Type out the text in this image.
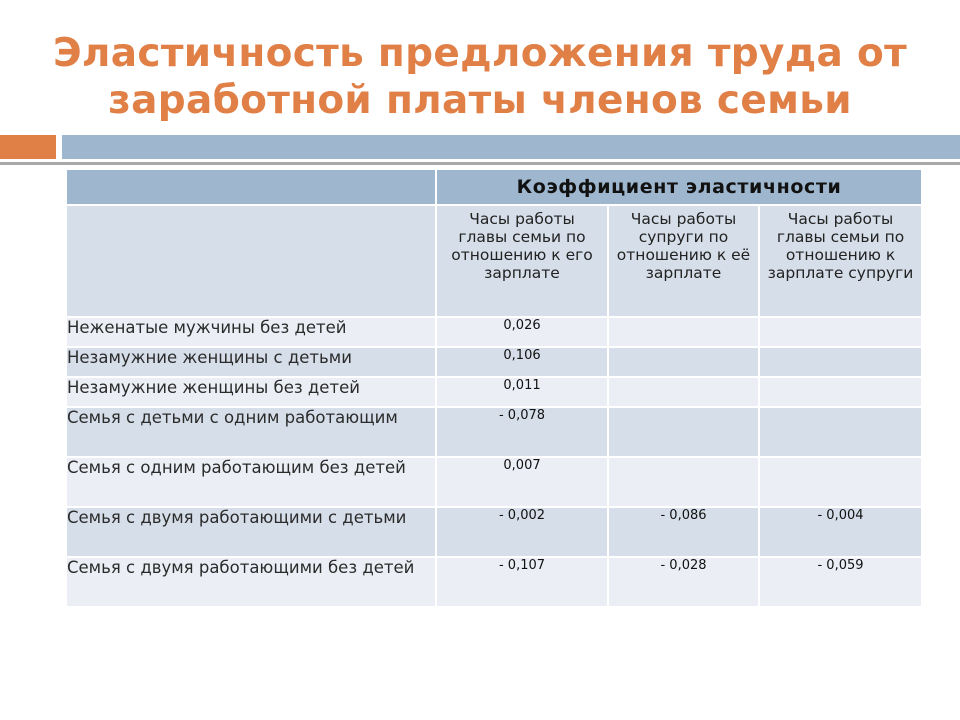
Эластичность предложения труда от
заработной платы членов семьи
	Коэффициент эластичности		
	Часы работы главы семьи по отношению к его зарплате	Часы работы супруги по отношению к её зарплате	Часы работы главы семьи по отношению к зарплате супруги
Неженатые мужчины без детей	0,026		
Незамужние женщины с детьми	0,106		
Незамужние женщины без детей	0,011		
Семья с детьми с одним работающим	- 0,078		
Семья с одним работающим без детей	0,007		
Семья с двумя работающими с детьми	- 0,002	- 0,086	- 0,004
Семья с двумя работающими без детей	- 0,107	- 0,028	- 0,059
